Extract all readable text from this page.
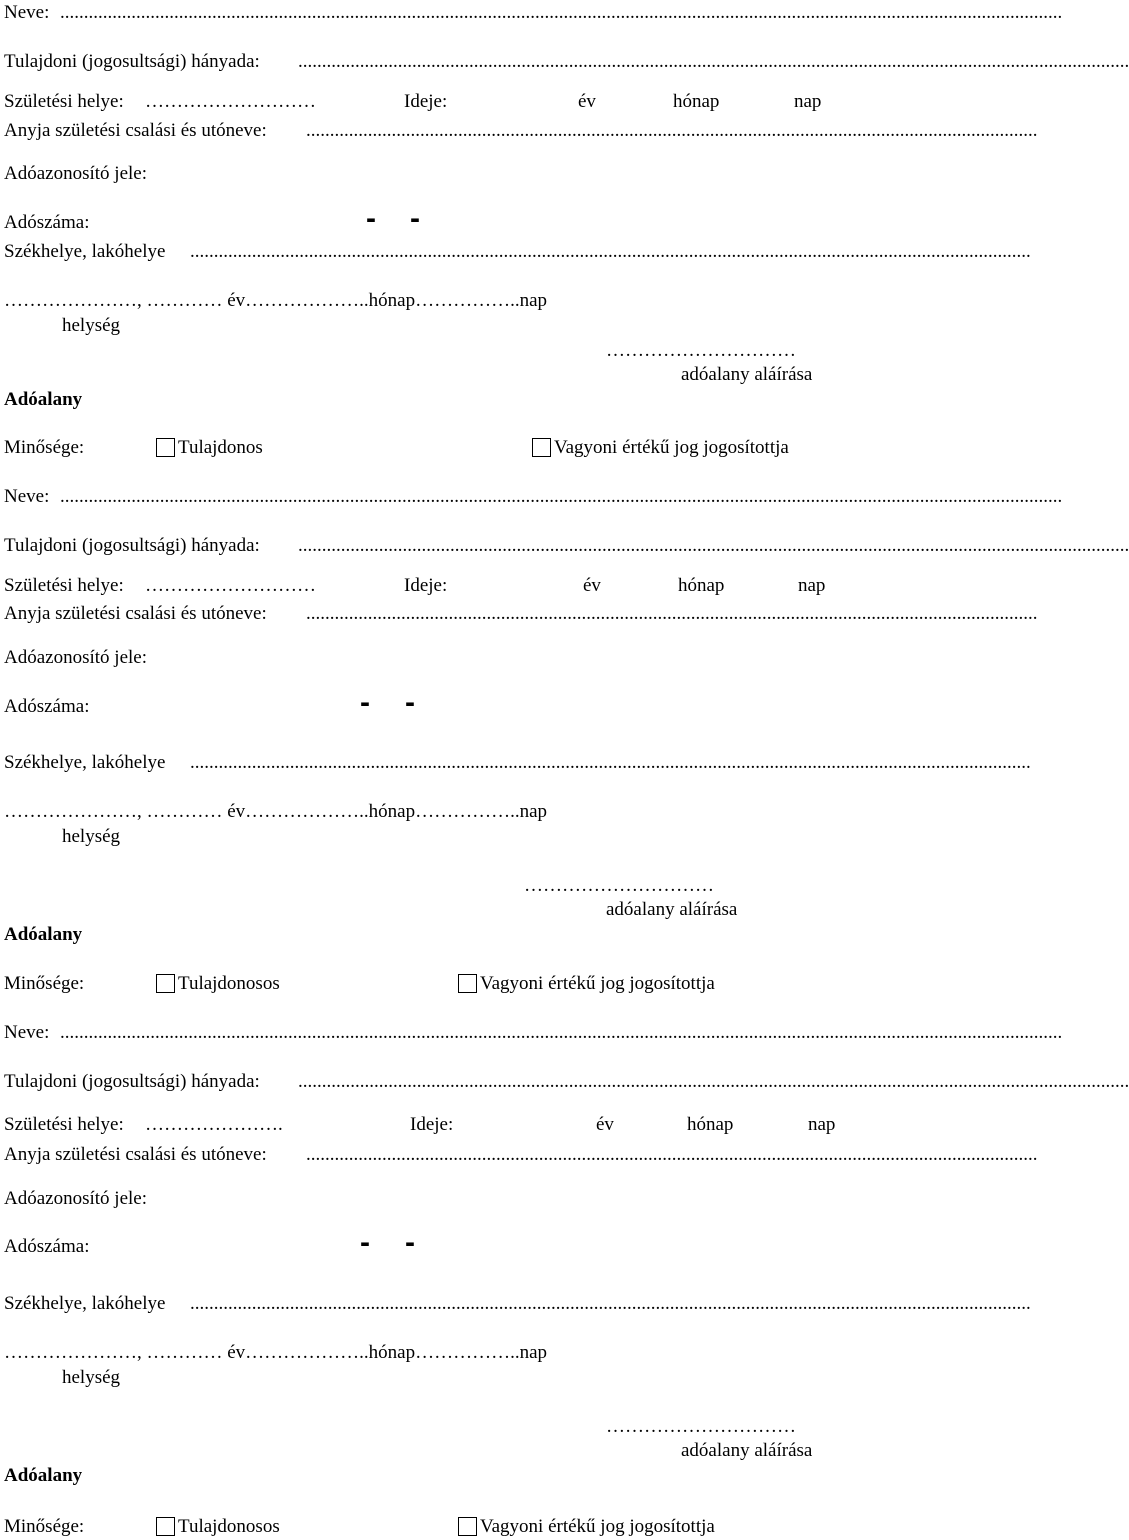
Neve: ...................................................................................................................................................................................................................
Tulajdoni (jogosultsági) hányada: ...............................................................................................................................................................................
Születési helye: ………………………	Ideje:	év	hónap	nap
Anyja születési csalási és utóneve: ..........................................................................................................................................................
Adóazonosító jele:
Adószáma:	- -
Székhelye, lakóhelye .................................................................................................................................................................................
…………………, ………… év………………..hónap……………..nap
helység
…………………………
adóalany aláírása
Adóalany
Minősége:	Tulajdonos	Vagyoni értékű jog jogosítottja
Neve: ...................................................................................................................................................................................................................
Tulajdoni (jogosultsági) hányada: ...............................................................................................................................................................................
Születési helye: ………………………	Ideje:	év	hónap	nap
Anyja születési csalási és utóneve: ..........................................................................................................................................................
Adóazonosító jele:
Adószáma:	- -
Székhelye, lakóhelye .................................................................................................................................................................................
…………………, ………… év………………..hónap……………..nap
helység
…………………………
adóalany aláírása
Adóalany
Minősége:	Tulajdonosos	Vagyoni értékű jog jogosítottja
Neve: ...................................................................................................................................................................................................................
Tulajdoni (jogosultsági) hányada: ...............................................................................................................................................................................
Születési helye: ………………….	Ideje:	év	hónap	nap
Anyja születési csalási és utóneve: ..........................................................................................................................................................
Adóazonosító jele:
Adószáma:	- -
Székhelye, lakóhelye .................................................................................................................................................................................
…………………, ………… év………………..hónap……………..nap
helység
…………………………
adóalany aláírása
Adóalany
Minősége:	Tulajdonosos	Vagyoni értékű jog jogosítottja
